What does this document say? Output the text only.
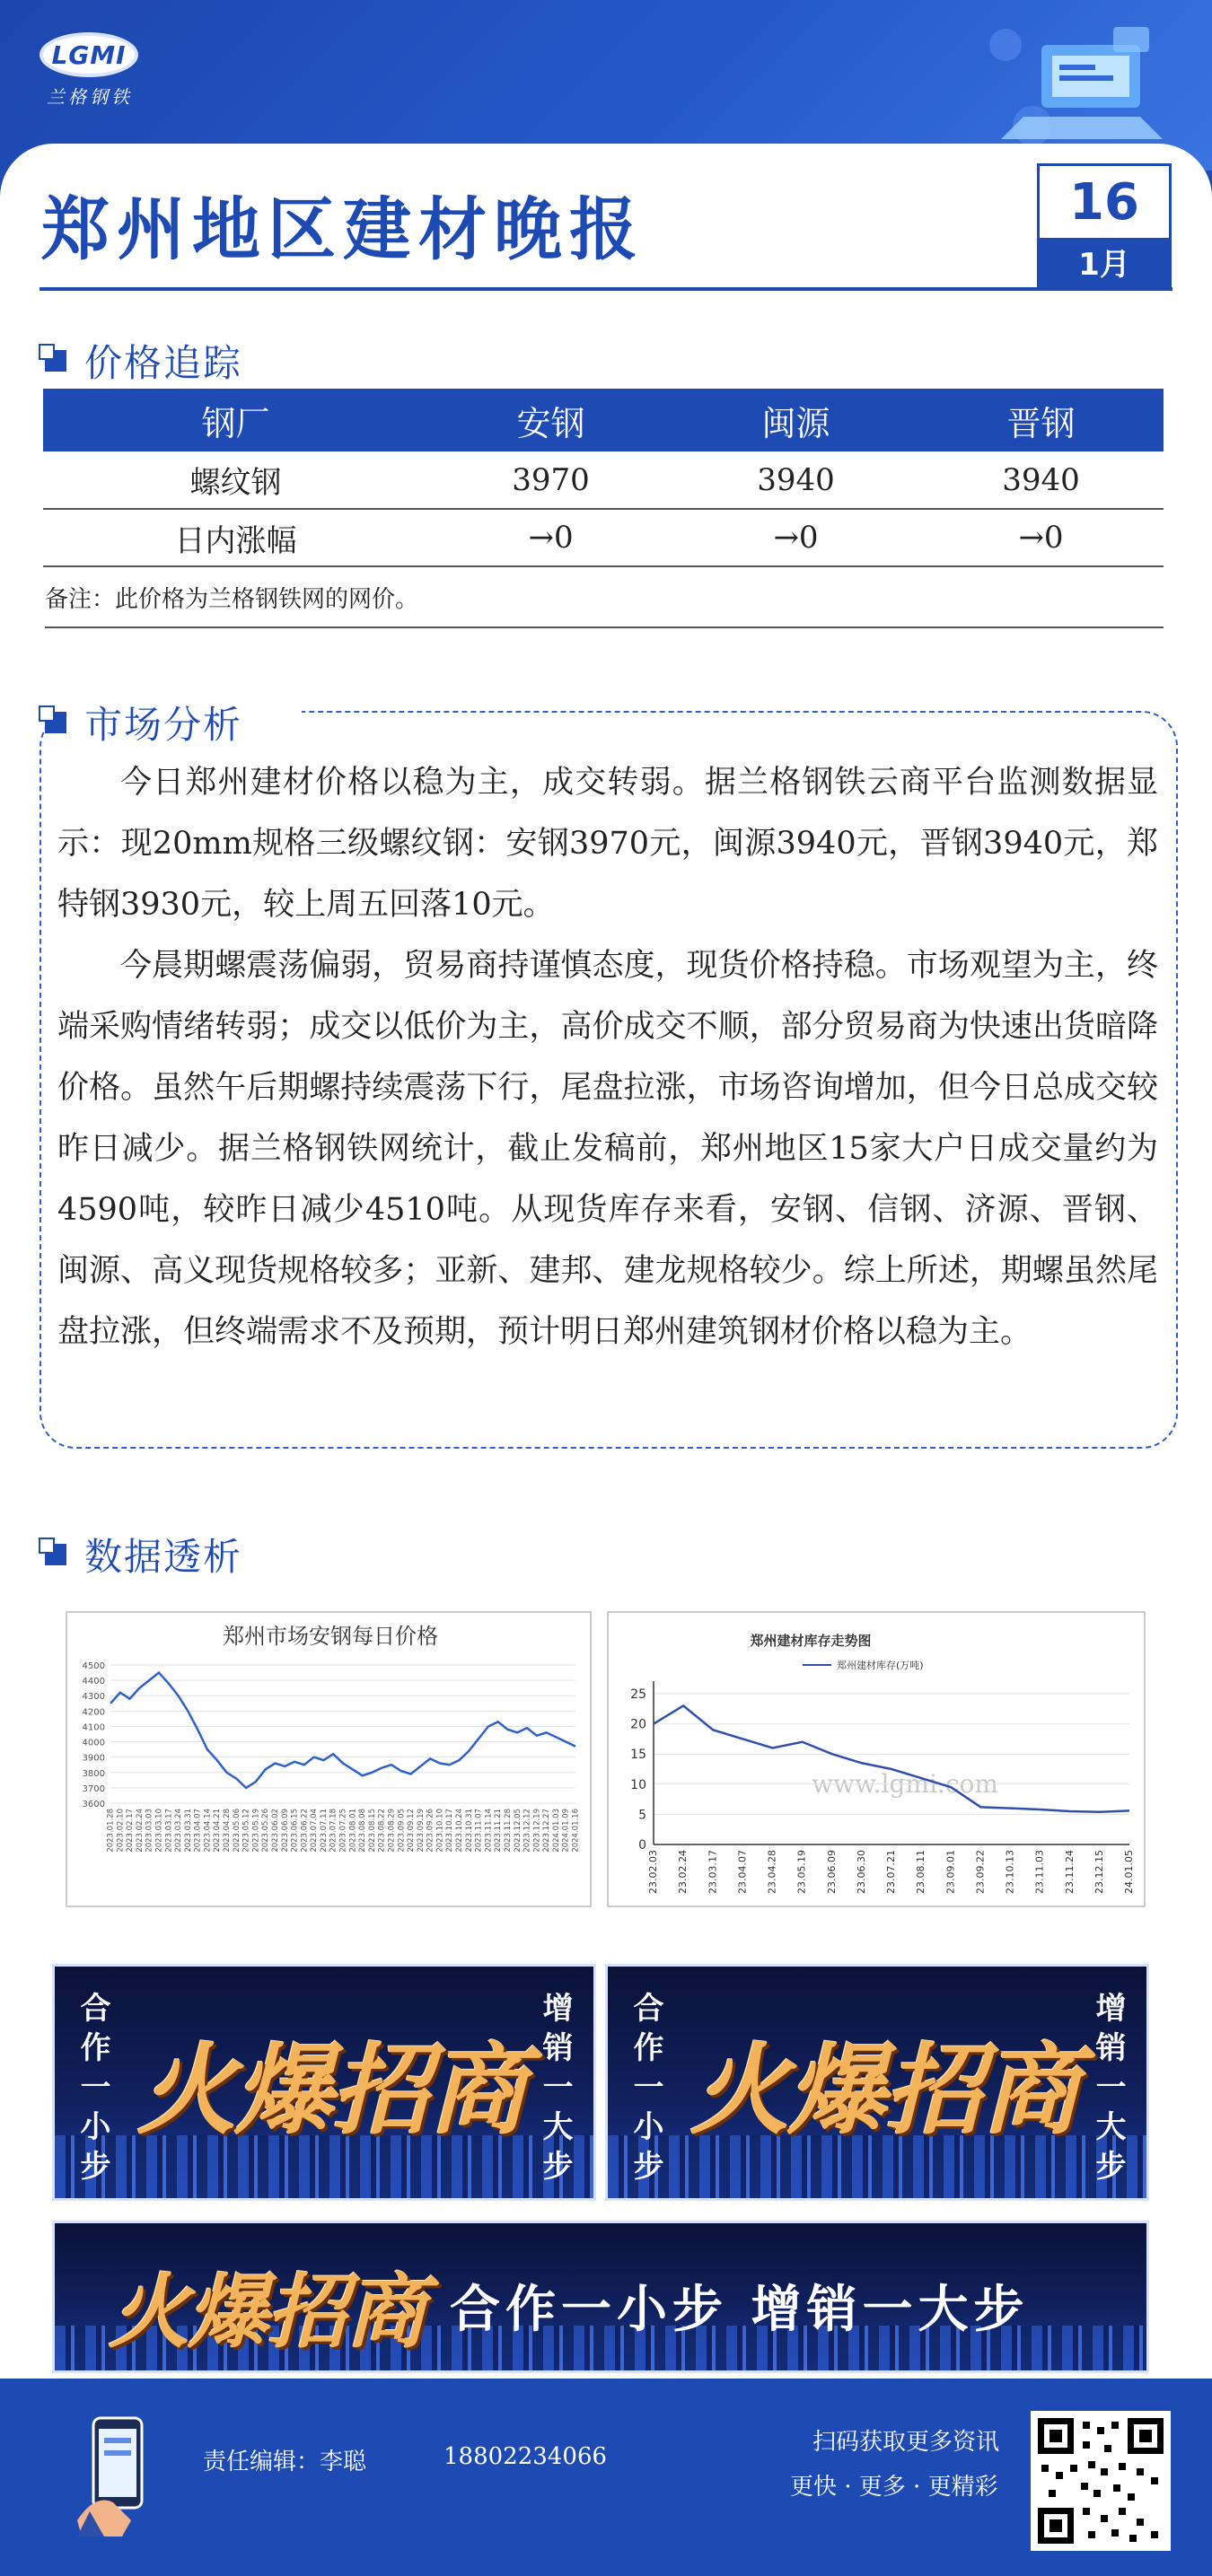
LGMI
兰格钢铁
郑州地区建材晚报	16
1月
价格追踪
钢厂	安钢	闽源	晋钢
螺纹钢	3970	3940	3940
日内涨幅	→0	→0	→0
备注：此价格为兰格钢铁网的网价。
市场分析
今日郑州建材价格以稳为主，成交转弱。据兰格钢铁云商平台监测数据显示：现20mm规格三级螺纹钢：安钢3970元，闽源3940元，晋钢3940元，郑特钢3930元，较上周五回落10元。
今晨期螺震荡偏弱，贸易商持谨慎态度，现货价格持稳。市场观望为主，终端采购情绪转弱；成交以低价为主，高价成交不顺，部分贸易商为快速出货暗降价格。虽然午后期螺持续震荡下行，尾盘拉涨，市场咨询增加，但今日总成交较昨日减少。据兰格钢铁网统计，截止发稿前，郑州地区15家大户日成交量约为4590吨，较昨日减少4510吨。从现货库存来看，安钢、信钢、济源、晋钢、闽源、高义现货规格较多；亚新、建邦、建龙规格较少。综上所述，期螺虽然尾盘拉涨，但终端需求不及预期，预计明日郑州建筑钢材价格以稳为主。
数据透析
郑州市场安钢每日价格
3600
3700
3800
3900
4000
4100
4200
4300
4400
4500
2023.01.28 2023.02.10 2023.02.17 2023.02.24 2023.03.03 2023.03.10 2023.03.17 2023.03.24 2023.03.31 2023.04.07 2023.04.14 2023.04.21 2023.04.28 2023.05.06 2023.05.12 2023.05.19 2023.05.26 2023.06.02 2023.06.09 2023.06.15 2023.06.22 2023.07.04 2023.07.11 2023.07.18 2023.07.25 2023.08.01 2023.08.08 2023.08.15 2023.08.22 2023.08.29 2023.09.05 2023.09.12 2023.09.19 2023.09.26 2023.10.10 2023.10.17 2023.10.24 2023.10.31 2023.11.07 2023.11.14 2023.11.21 2023.11.28 2023.12.05 2023.12.12 2023.12.19 2023.12.27 2024.01.03 2024.01.09 2024.01.16
郑州建材库存走势图
郑州建材库存(万吨)
www.lgmi.com
0
5
10
15
20
25
23.02.03 23.02.24 23.03.17 23.04.07 23.04.28 23.05.19 23.06.09 23.06.30 23.07.21 23.08.11 23.09.01 23.09.22 23.10.13 23.11.03 23.11.24 23.12.15 24.01.05
合作一小步	增销一大步
火爆招商	合作一小步	增销一大步
火爆招商
火爆招商 合作一小步 增销一大步
责任编辑：李聪	18802234066
扫码获取更多资讯
更快 · 更多 · 更精彩
